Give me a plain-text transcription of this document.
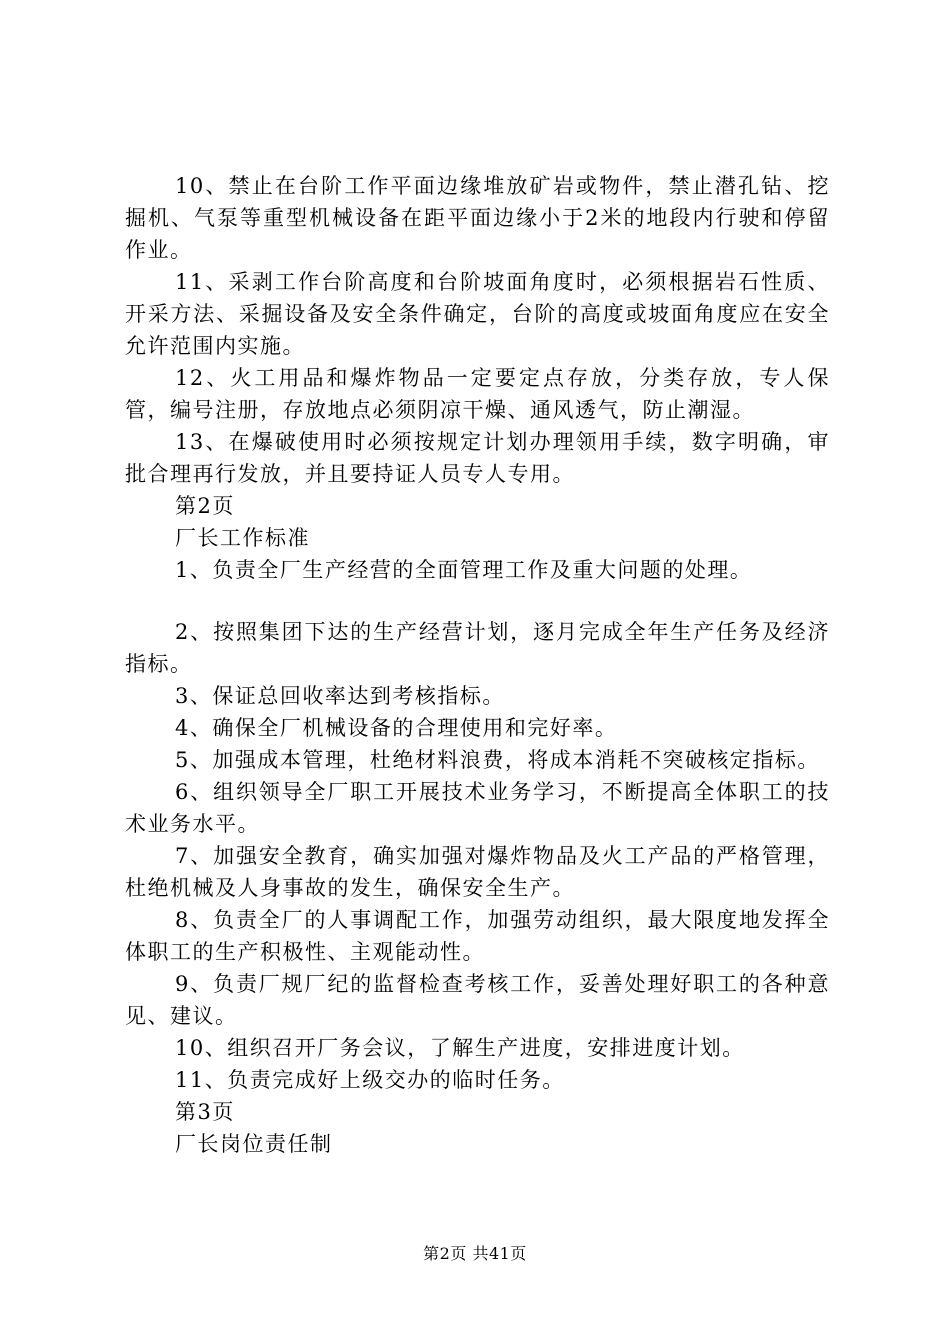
10、禁止在台阶工作平面边缘堆放矿岩或物件，禁止潜孔钻、挖掘机、气泵等重型机械设备在距平面边缘小于2米的地段内行驶和停留作业。

11、采剥工作台阶高度和台阶坡面角度时，必须根据岩石性质、开采方法、采掘设备及安全条件确定，台阶的高度或坡面角度应在安全允许范围内实施。

12、火工用品和爆炸物品一定要定点存放，分类存放，专人保管，编号注册，存放地点必须阴凉干燥、通风透气，防止潮湿。

13、在爆破使用时必须按规定计划办理领用手续，数字明确，审批合理再行发放，并且要持证人员专人专用。

第2页

厂长工作标准

1、负责全厂生产经营的全面管理工作及重大问题的处理。

2、按照集团下达的生产经营计划，逐月完成全年生产任务及经济指标。

3、保证总回收率达到考核指标。

4、确保全厂机械设备的合理使用和完好率。

5、加强成本管理，杜绝材料浪费，将成本消耗不突破核定指标。

6、组织领导全厂职工开展技术业务学习，不断提高全体职工的技术业务水平。

7、加强安全教育，确实加强对爆炸物品及火工产品的严格管理，杜绝机械及人身事故的发生，确保安全生产。

8、负责全厂的人事调配工作，加强劳动组织，最大限度地发挥全体职工的生产积极性、主观能动性。

9、负责厂规厂纪的监督检查考核工作，妥善处理好职工的各种意见、建议。

10、组织召开厂务会议，了解生产进度，安排进度计划。

11、负责完成好上级交办的临时任务。

第3页

厂长岗位责任制

第2页 共41页
